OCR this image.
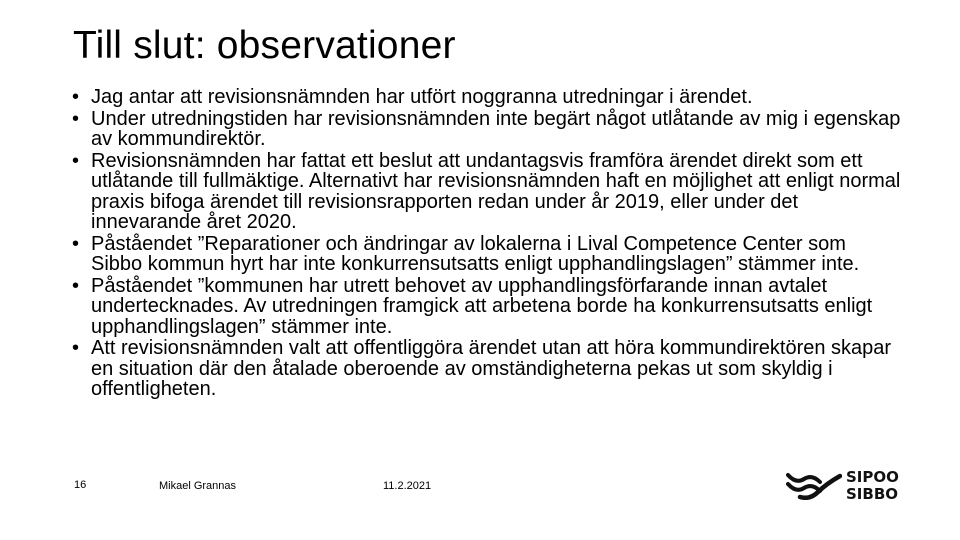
Till slut: observationer
• Jag antar att revisionsnämnden har utfört noggranna utredningar i ärendet.
• Under utredningstiden har revisionsnämnden inte begärt något utlåtande av mig i egenskap av kommundirektör.
• Revisionsnämnden har fattat ett beslut att undantagsvis framföra ärendet direkt som ett utlåtande till fullmäktige. Alternativt har revisionsnämnden haft en möjlighet att enligt normal praxis bifoga ärendet till revisionsrapporten redan under år 2019, eller under det innevarande året 2020.
• Påståendet ”Reparationer och ändringar av lokalerna i Lival Competence Center som Sibbo kommun hyrt har inte konkurrensutsatts enligt upphandlingslagen” stämmer inte.
• Påståendet ”kommunen har utrett behovet av upphandlingsförfarande innan avtalet undertecknades. Av utredningen framgick att arbetena borde ha konkurrensutsatts enligt upphandlingslagen” stämmer inte.
• Att revisionsnämnden valt att offentliggöra ärendet utan att höra kommundirektören skapar en situation där den åtalade oberoende av omständigheterna pekas ut som skyldig i offentligheten.
16	Mikael Grannas	11.2.2021	SIPOO
SIBBO
